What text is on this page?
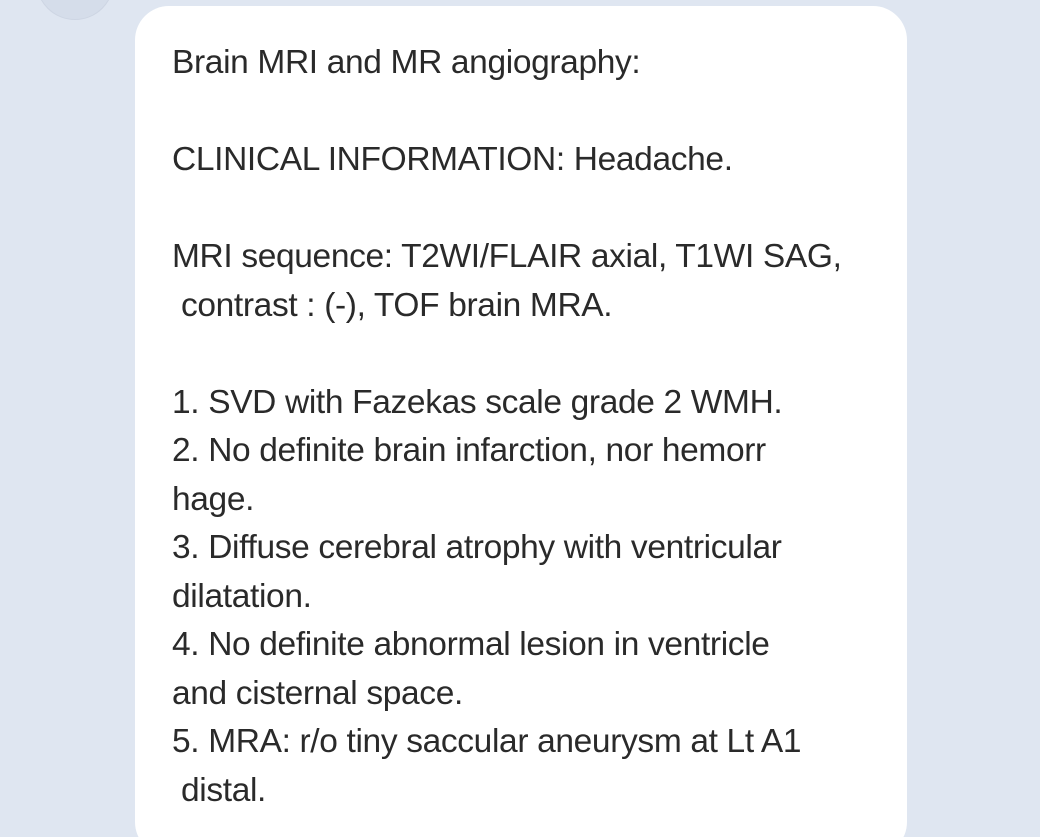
Brain MRI and MR angiography:
CLINICAL INFORMATION: Headache.
MRI sequence: T2WI/FLAIR axial, T1WI SAG,
contrast : (-), TOF brain MRA.
1. SVD with Fazekas scale grade 2 WMH.
2. No definite brain infarction, nor hemorr
hage.
3. Diffuse cerebral atrophy with ventricular
dilatation.
4. No definite abnormal lesion in ventricle
and cisternal space.
5. MRA: r/o tiny saccular aneurysm at Lt A1
distal.
